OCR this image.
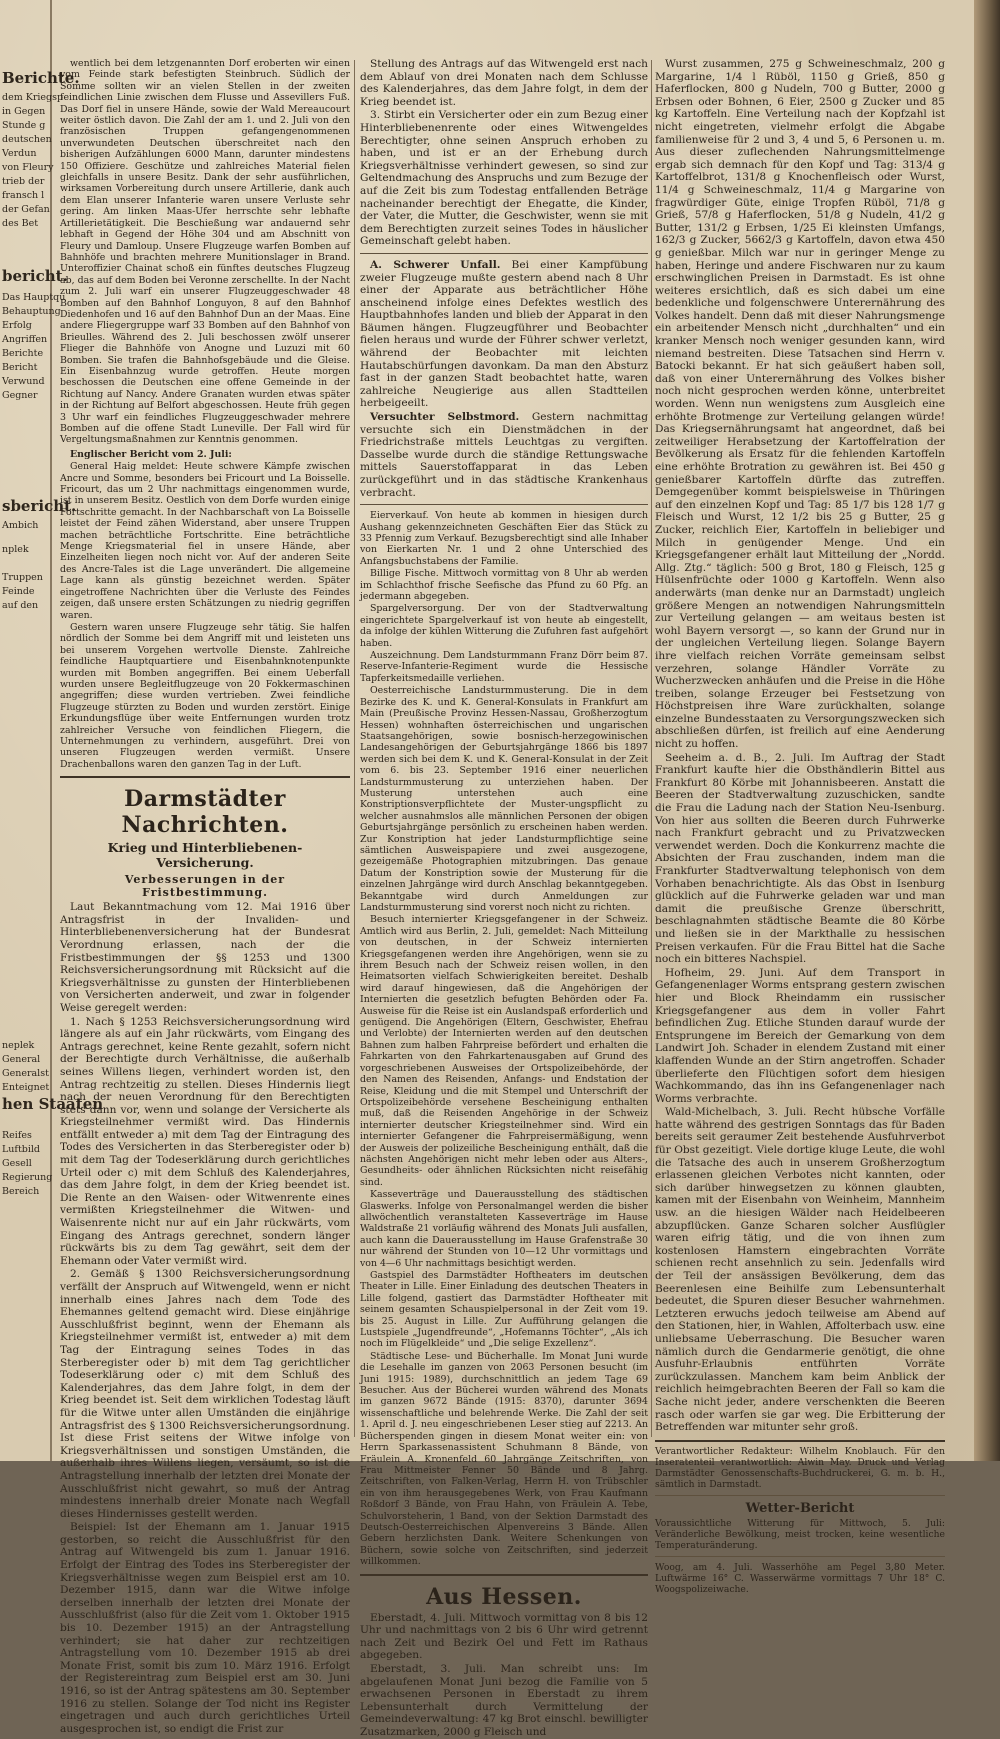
Berichte.
dem Kriegsp
in Gegen
Stunde g
deutschen
Verdun
von Fleury
trieb der
fransch l
der Gefan
des Bet
bericht.
Das Hauptqu
Behauptung
Erfolg
Angriffen
Berichte
Bericht
Verwund
Gegner
sbericht.
Ambich
nplek
Truppen
Feinde
auf den
neplek
General
Generalst
Enteignet
hen Staaten
Reifes
Luftbild
Gesell
Regierung
Bereich

wentlich bei dem letzgenannten Dorf eroberten wir einen vom Feinde stark befestigten Steinbruch. Südlich der Somme sollten wir an vielen Stellen in der zweiten feindlichen Linie zwischen dem Flusse und Assevillers Fuß. Das Dorf fiel in unsere Hände, sowie der Wald Mereaucourt weiter östlich davon. Die Zahl der am 1. und 2. Juli von den französischen Truppen gefangengenommenen unverwundeten Deutschen überschreitet nach den bisherigen Aufzählungen 6000 Mann, darunter mindestens 150 Offiziere. Geschütze und zahlreiches Material fielen gleichfalls in unsere Besitz. Dank der sehr ausführlichen, wirksamen Vorbereitung durch unsere Artillerie, dank auch dem Elan unserer Infanterie waren unsere Verluste sehr gering. Am linken Maas-Ufer herrschte sehr lebhafte Artillerietätigkeit. Die Beschießung war andauernd sehr lebhaft in Gegend der Höhe 304 und am Abschnitt von Fleury und Damloup. Unsere Flugzeuge warfen Bomben auf Bahnhöfe und brachten mehrere Munitionslager in Brand. Unteroffizier Chainat schoß ein fünftes deutsches Flugzeug ab, das auf dem Boden bei Veronne zerschellte. In der Nacht zum 2. Juli warf ein unserer Flugzeuggeschwader 48 Bomben auf den Bahnhof Longuyon, 8 auf den Bahnhof Diedenhofen und 16 auf den Bahnhof Dun an der Maas. Eine andere Fliegergruppe warf 33 Bomben auf den Bahnhof von Brieulles. Während des 2. Juli beschossen zwölf unserer Flieger die Bahnhöfe von Anogne und Luzuzi mit 60 Bomben. Sie trafen die Bahnhofsgebäude und die Gleise. Ein Eisenbahnzug wurde getroffen. Heute morgen beschossen die Deutschen eine offene Gemeinde in der Richtung auf Nancy. Andere Granaten wurden etwas später in der Richtung auf Belfort abgeschossen. Heute früh gegen 3 Uhr warf ein feindliches Flugzeuggeschwader mehrere Bomben auf die offene Stadt Luneville. Der Fall wird für Vergeltungsmaßnahmen zur Kenntnis genommen.

Englischer Bericht vom 2. Juli:

General Haig meldet: Heute schwere Kämpfe zwischen Ancre und Somme, besonders bei Fricourt und La Boisselle. Fricourt, das um 2 Uhr nachmittags eingenommen wurde, ist in unserem Besitz. Oestlich von dem Dorfe wurden einige Fortschritte gemacht. In der Nachbarschaft von La Boisselle leistet der Feind zähen Widerstand, aber unsere Truppen machen beträchtliche Fortschritte. Eine beträchtliche Menge Kriegsmaterial fiel in unsere Hände, aber Einzelheiten liegen noch nicht vor. Auf der anderen Seite des Ancre-Tales ist die Lage unverändert. Die allgemeine Lage kann als günstig bezeichnet werden. Später eingetroffene Nachrichten über die Verluste des Feindes zeigen, daß unsere ersten Schätzungen zu niedrig gegriffen waren.

Gestern waren unsere Flugzeuge sehr tätig. Sie halfen nördlich der Somme bei dem Angriff mit und leisteten uns bei unserem Vorgehen wertvolle Dienste. Zahlreiche feindliche Hauptquartiere und Eisenbahnknotenpunkte wurden mit Bomben angegriffen. Bei einem Ueberfall wurden unsere Begleitflugzeuge von 20 Fokkermaschinen angegriffen; diese wurden vertrieben. Zwei feindliche Flugzeuge stürzten zu Boden und wurden zerstört. Einige Erkundungsflüge über weite Entfernungen wurden trotz zahlreicher Versuche von feindlichen Fliegern, die Unternehmungen zu verhindern, ausgeführt. Drei von unseren Flugzeugen werden vermißt. Unsere Drachenballons waren den ganzen Tag in der Luft.

Darmstädter Nachrichten.
Krieg und Hinterbliebenen-Versicherung.
Verbesserungen in der Fristbestimmung.

Laut Bekanntmachung vom 12. Mai 1916 über Antragsfrist in der Invaliden- und Hinterbliebenenversicherung hat der Bundesrat Verordnung erlassen, nach der die Fristbestimmungen der §§ 1253 und 1300 Reichsversicherungsordnung mit Rücksicht auf die Kriegsverhältnisse zu gunsten der Hinterbliebenen von Versicherten anderweit, und zwar in folgender Weise geregelt werden:

1. Nach § 1253 Reichsversicherungsordnung wird längere als auf ein Jahr rückwärts, vom Eingang des Antrags gerechnet, keine Rente gezahlt, sofern nicht der Berechtigte durch Verhältnisse, die außerhalb seines Willens liegen, verhindert worden ist, den Antrag rechtzeitig zu stellen. Dieses Hindernis liegt nach der neuen Verordnung für den Berechtigten stets dann vor, wenn und solange der Versicherte als Kriegsteilnehmer vermißt wird. Das Hindernis entfällt entweder a) mit dem Tag der Eintragung des Todes des Versicherten in das Sterberegister oder b) mit dem Tag der Todeserklärung durch gerichtliches Urteil oder c) mit dem Schluß des Kalenderjahres, das dem Jahre folgt, in dem der Krieg beendet ist. Die Rente an den Waisen- oder Witwenrente eines vermißten Kriegsteilnehmer die Witwen- und Waisenrente nicht nur auf ein Jahr rückwärts, vom Eingang des Antrags gerechnet, sondern länger rückwärts bis zu dem Tag gewährt, seit dem der Ehemann oder Vater vermißt wird.

2. Gemäß § 1300 Reichsversicherungsordnung verfällt der Anspruch auf Witwengeld, wenn er nicht innerhalb eines Jahres nach dem Tode des Ehemannes geltend gemacht wird. Diese einjährige Ausschlußfrist beginnt, wenn der Ehemann als Kriegsteilnehmer vermißt ist, entweder a) mit dem Tag der Eintragung seines Todes in das Sterberegister oder b) mit dem Tag gerichtlicher Todeserklärung oder c) mit dem Schluß des Kalenderjahres, das dem Jahre folgt, in dem der Krieg beendet ist. Seit dem wirklichen Todestag läuft für die Witwe unter allen Umständen die einjährige Antragsfrist des § 1300 Reichsversicherungsordnung. Ist diese Frist seitens der Witwe infolge von Kriegsverhältnissen und sonstigen Umständen, die außerhalb ihres Willens liegen, versäumt, so ist die Antragstellung innerhalb der letzten drei Monate der Ausschlußfrist nicht gewahrt, so muß der Antrag mindestens innerhalb dreier Monate nach Wegfall dieses Hindernisses gestellt werden.

Beispiel: Ist der Ehemann am 1. Januar 1915 gestorben, so reicht die Ausschlußfrist für den Antrag auf Witwengeld bis zum 1. Januar 1916. Erfolgt der Eintrag des Todes ins Sterberegister der Kriegsverhältnisse wegen zum Beispiel erst am 10. Dezember 1915, dann war die Witwe infolge derselben innerhalb der letzten drei Monate der Ausschlußfrist (also für die Zeit vom 1. Oktober 1915 bis 10. Dezember 1915) an der Antragstellung verhindert; sie hat daher zur rechtzeitigen Antragstellung vom 10. Dezember 1915 ab drei Monate Frist, somit bis zum 10. März 1916. Erfolgt der Registereintrag zum Beispiel erst am 30. Juni 1916, so ist der Antrag spätestens am 30. September 1916 zu stellen. Solange der Tod nicht ins Register eingetragen und auch durch gerichtliches Urteil ausgesprochen ist, so endigt die Frist zur

Stellung des Antrags auf das Witwengeld erst nach dem Ablauf von drei Monaten nach dem Schlusse des Kalenderjahres, das dem Jahre folgt, in dem der Krieg beendet ist.

3. Stirbt ein Versicherter oder ein zum Bezug einer Hinterbliebenenrente oder eines Witwengeldes Berechtigter, ohne seinen Anspruch erhoben zu haben, und ist er an der Erhebung durch Kriegsverhältnisse verhindert gewesen, so sind zur Geltendmachung des Anspruchs und zum Bezuge der auf die Zeit bis zum Todestag entfallenden Beträge nacheinander berechtigt der Ehegatte, die Kinder, der Vater, die Mutter, die Geschwister, wenn sie mit dem Berechtigten zurzeit seines Todes in häuslicher Gemeinschaft gelebt haben.

A. Schwerer Unfall. Bei einer Kampfübung zweier Flugzeuge mußte gestern abend nach 8 Uhr einer der Apparate aus beträchtlicher Höhe anscheinend infolge eines Defektes westlich des Hauptbahnhofes landen und blieb der Apparat in den Bäumen hängen. Flugzeugführer und Beobachter fielen heraus und wurde der Führer schwer verletzt, während der Beobachter mit leichten Hautabschürfungen davonkam. Da man den Absturz fast in der ganzen Stadt beobachtet hatte, waren zahlreiche Neugierige aus allen Stadtteilen herbeigeeilt.

Versuchter Selbstmord. Gestern nachmittag versuchte sich ein Dienstmädchen in der Friedrichstraße mittels Leuchtgas zu vergiften. Dasselbe wurde durch die ständige Rettungswache mittels Sauerstoffapparat in das Leben zurückgeführt und in das städtische Krankenhaus verbracht.

Eierverkauf. Von heute ab kommen in hiesigen durch Aushang gekennzeichneten Geschäften Eier das Stück zu 33 Pfennig zum Verkauf. Bezugsberechtigt sind alle Inhaber von Eierkarten Nr. 1 und 2 ohne Unterschied des Anfangsbuchstabens der Familie.

Billige Fische. Mittwoch vormittag von 8 Uhr ab werden im Schlachthof frische Seefische das Pfund zu 60 Pfg. an jedermann abgegeben.

Spargelversorgung. Der von der Stadtverwaltung eingerichtete Spargelverkauf ist von heute ab eingestellt, da infolge der kühlen Witterung die Zufuhren fast aufgehört haben.

Auszeichnung. Dem Landsturmmann Franz Dörr beim 87. Reserve-Infanterie-Regiment wurde die Hessische Tapferkeitsmedaille verliehen.

Oesterreichische Landsturmmusterung. Die in dem Bezirke des K. und K. General-Konsulats in Frankfurt am Main (Preußische Provinz Hessen-Nassau, Großherzogtum Hessen) wohnhaften österreichischen und ungarischen Staatsangehörigen, sowie bosnisch-herzegowinischen Landesangehörigen der Geburtsjahrgänge 1866 bis 1897 werden sich bei dem K. und K. General-Konsulat in der Zeit vom 6. bis 23. September 1916 einer neuerlichen Landsturmmusterung zu unterziehen haben. Der Musterung unterstehen auch eine Konstriptionsverpflichtete der Muster-ungspflicht zu welcher ausnahmslos alle männlichen Personen der obigen Geburtsjahrgänge persönlich zu erscheinen haben werden. Zur Konstription hat jeder Landsturmpflichtige seine sämtlichen Ausweispapiere und zwei ausgezogene, gezeigemäße Photographien mitzubringen. Das genaue Datum der Konstription sowie der Musterung für die einzelnen Jahrgänge wird durch Anschlag bekanntgegeben. Bekanntgabe wird durch Anmeldungen zur Landsturmmusterung sind vorerst noch nicht zu richten.

Besuch internierter Kriegsgefangener in der Schweiz. Amtlich wird aus Berlin, 2. Juli, gemeldet: Nach Mitteilung von deutschen, in der Schweiz internierten Kriegsgefangenen werden ihre Angehörigen, wenn sie zu ihrem Besuch nach der Schweiz reisen wollen, in den Heimatsorten vielfach Schwierigkeiten bereitet. Deshalb wird darauf hingewiesen, daß die Angehörigen der Internierten die gesetzlich befugten Behörden oder Fa. Ausweise für die Reise ist ein Auslandspaß erforderlich und genügend. Die Angehörigen (Eltern, Geschwister, Ehefrau und Verlobte) der Internierten werden auf den deutschen Bahnen zum halben Fahrpreise befördert und erhalten die Fahrkarten von den Fahrkartenausgaben auf Grund des vorgeschriebenen Ausweises der Ortspolizeibehörde, der den Namen des Reisenden, Anfangs- und Endstation der Reise, Kleidung und die mit Stempel und Unterschrift der Ortspolizeibehörde versehene Bescheinigung enthalten muß, daß die Reisenden Angehörige in der Schweiz internierter deutscher Kriegsteilnehmer sind. Wird ein internierter Gefangener die Fahrpreisermäßigung, wenn der Ausweis der polizeiliche Bescheinigung enthält, daß die nächsten Angehörigen nicht mehr leben oder aus Alters-, Gesundheits- oder ähnlichen Rücksichten nicht reisefähig sind.

Kasseverträge und Dauerausstellung des städtischen Glaswerks. Infolge von Personalmangel werden die bisher allwöchentlich veranstalteten Kasseverträge im Hause Waldstraße 21 vorläufig während des Monats Juli ausfallen, auch kann die Dauerausstellung im Hause Grafenstraße 30 nur während der Stunden von 10—12 Uhr vormittags und von 4—6 Uhr nachmittags besichtigt werden.

Gastspiel des Darmstädter Hoftheaters im deutschen Theater in Lille. Einer Einladung des deutschen Theaters in Lille folgend, gastiert das Darmstädter Hoftheater mit seinem gesamten Schauspielpersonal in der Zeit vom 19. bis 25. August in Lille. Zur Aufführung gelangen die Lustspiele „Jugendfreunde“, „Hofemanns Töchter“, „Als ich noch im Flügelkleide“ und „Die selige Exzellenz“.

Städtische Lese- und Bücherhalle. Im Monat Juni wurde die Lesehalle im ganzen von 2063 Personen besucht (im Juni 1915: 1989), durchschnittlich an jedem Tage 69 Besucher. Aus der Bücherei wurden während des Monats im ganzen 9672 Bände (1915: 8370), darunter 3694 wissenschaftliche und belehrende Werke. Die Zahl der seit 1. April d. J. neu eingeschriebenen Leser stieg auf 2213. An Bücherspenden gingen in diesem Monat weiter ein: von Herrn Sparkassenassistent Schuhmann 8 Bände, von Fräulein A. Kronenfeld 60 Jahrgänge Zeitschriften, von Frau Mittmeister Fenner 50 Bände und 8 Jahrg. Zeitschriften, von Falken-Verlag, Herrn H. von Trübschler ein von ihm herausgegebenes Werk, von Frau Kaufmann Roßdorf 3 Bände, von Frau Hahn, von Fräulein A. Tebe, Schulvorsteherin, 1 Band, von der Sektion Darmstadt des Deutsch-Oesterreichischen Alpenvereins 3 Bände. Allen Gebern herzlichsten Dank. Weitere Schenkungen von Büchern, sowie solche von Zeitschriften, sind jederzeit willkommen.

Aus Hessen.

Eberstadt, 4. Juli. Mittwoch vormittag von 8 bis 12 Uhr und nachmittags von 2 bis 6 Uhr wird getrennt nach Zeit und Bezirk Oel und Fett im Rathaus abgegeben.

Eberstadt, 3. Juli. Man schreibt uns: Im abgelaufenen Monat Juni bezog die Familie von 5 erwachsenen Personen in Eberstadt zu ihrem Lebensunterhalt durch Vermittelung der Gemeindeverwaltung: 47 kg Brot einschl. bewilligter Zusatzmarken, 2000 g Fleisch und

Wurst zusammen, 275 g Schweineschmalz, 200 g Margarine, 1/4 l Rüböl, 1150 g Grieß, 850 g Haferflocken, 800 g Nudeln, 700 g Butter, 2000 g Erbsen oder Bohnen, 6 Eier, 2500 g Zucker und 85 kg Kartoffeln. Eine Verteilung nach der Kopfzahl ist nicht eingetreten, vielmehr erfolgt die Abgabe familienweise für 2 und 3, 4 und 5, 6 Personen u. m. Aus dieser zuflechenden Nahrungsmittelmenge ergab sich demnach für den Kopf und Tag: 313/4 g Kartoffelbrot, 131/8 g Knochenfleisch oder Wurst, 11/4 g Schweineschmalz, 11/4 g Margarine von fragwürdiger Güte, einige Tropfen Rüböl, 71/8 g Grieß, 57/8 g Haferflocken, 51/8 g Nudeln, 41/2 g Butter, 131/2 g Erbsen, 1/25 Ei kleinsten Umfangs, 162/3 g Zucker, 5662/3 g Kartoffeln, davon etwa 450 g genießbar. Milch war nur in geringer Menge zu haben, Heringe und andere Fischwaren nur zu kaum erschwinglichen Preisen in Darmstadt. Es ist ohne weiteres ersichtlich, daß es sich dabei um eine bedenkliche und folgenschwere Unterernährung des Volkes handelt. Denn daß mit dieser Nahrungsmenge ein arbeitender Mensch nicht „durchhalten“ und ein kranker Mensch noch weniger gesunden kann, wird niemand bestreiten. Diese Tatsachen sind Herrn v. Batocki bekannt. Er hat sich geäußert haben soll, daß von einer Unterernährung des Volkes bisher noch nicht gesprochen werden könne, unterbreitet worden. Wenn nun wenigstens zum Ausgleich eine erhöhte Brotmenge zur Verteilung gelangen würde! Das Kriegsernährungsamt hat angeordnet, daß bei zeitweiliger Herabsetzung der Kartoffelration der Bevölkerung als Ersatz für die fehlenden Kartoffeln eine erhöhte Brotration zu gewähren ist. Bei 450 g genießbarer Kartoffeln dürfte das zutreffen. Demgegenüber kommt beispielsweise in Thüringen auf den einzelnen Kopf und Tag: 85 1/7 bis 128 1/7 g Fleisch und Wurst, 12 1/2 bis 25 g Butter, 25 g Zucker, reichlich Eier, Kartoffeln in beliebiger und Milch in genügender Menge. Und ein Kriegsgefangener erhält laut Mitteilung der „Nordd. Allg. Ztg.“ täglich: 500 g Brot, 180 g Fleisch, 125 g Hülsenfrüchte oder 1000 g Kartoffeln. Wenn also anderwärts (man denke nur an Darmstadt) ungleich größere Mengen an notwendigen Nahrungsmitteln zur Verteilung gelangen — am weitaus besten ist wohl Bayern versorgt —, so kann der Grund nur in der ungleichen Verteilung liegen. Solange Bayern ihre vielfach reichen Vorräte gemeinsam selbst verzehren, solange Händler Vorräte zu Wucherzwecken anhäufen und die Preise in die Höhe treiben, solange Erzeuger bei Festsetzung von Höchstpreisen ihre Ware zurückhalten, solange einzelne Bundesstaaten zu Versorgungszwecken sich abschließen dürfen, ist freilich auf eine Aenderung nicht zu hoffen.

Seeheim a. d. B., 2. Juli. Im Auftrag der Stadt Frankfurt kaufte hier die Obsthändlerin Bittel aus Frankfurt 80 Körbe mit Johannisbeeren. Anstatt die Beeren der Stadtverwaltung zuzuschicken, sandte die Frau die Ladung nach der Station Neu-Isenburg. Von hier aus sollten die Beeren durch Fuhrwerke nach Frankfurt gebracht und zu Privatzwecken verwendet werden. Doch die Konkurrenz machte die Absichten der Frau zuschanden, indem man die Frankfurter Stadtverwaltung telephonisch von dem Vorhaben benachrichtigte. Als das Obst in Isenburg glücklich auf die Fuhrwerke geladen war und man damit die preußische Grenze überschritt, beschlagnahmten städtische Beamte die 80 Körbe und ließen sie in der Markthalle zu hessischen Preisen verkaufen. Für die Frau Bittel hat die Sache noch ein bitteres Nachspiel.

Hofheim, 29. Juni. Auf dem Transport in Gefangenenlager Worms entsprang gestern zwischen hier und Block Rheindamm ein russischer Kriegsgefangener aus dem in voller Fahrt befindlichen Zug. Etliche Stunden darauf wurde der Entsprungene im Bereich der Gemarkung von dem Landwirt Joh. Schader in elendem Zustand mit einer klaffenden Wunde an der Stirn angetroffen. Schader überlieferte den Flüchtigen sofort dem hiesigen Wachkommando, das ihn ins Gefangenenlager nach Worms verbrachte.

Wald-Michelbach, 3. Juli. Recht hübsche Vorfälle hatte während des gestrigen Sonntags das für Baden bereits seit geraumer Zeit bestehende Ausfuhrverbot für Obst gezeitigt. Viele dortige kluge Leute, die wohl die Tatsache des auch in unserem Großherzogtum erlassenen gleichen Verbotes nicht kannten, oder sich darüber hinwegsetzen zu können glaubten, kamen mit der Eisenbahn von Weinheim, Mannheim usw. an die hiesigen Wälder nach Heidelbeeren abzupflücken. Ganze Scharen solcher Ausflügler waren eifrig tätig, und die von ihnen zum kostenlosen Hamstern eingebrachten Vorräte schienen recht ansehnlich zu sein. Jedenfalls wird der Teil der ansässigen Bevölkerung, dem das Beerenlesen eine Beihilfe zum Lebensunterhalt bedeutet, die Spuren dieser Besucher wahrnehmen. Letzteren erwuchs jedoch teilweise am Abend auf den Stationen, hier, in Wahlen, Affolterbach usw. eine unliebsame Ueberraschung. Die Besucher waren nämlich durch die Gendarmerie genötigt, die ohne Ausfuhr-Erlaubnis entführten Vorräte zurückzulassen. Manchem kam beim Anblick der reichlich heimgebrachten Beeren der Fall so kam die Sache nicht jeder, andere verschenkten die Beeren rasch oder warfen sie gar weg. Die Erbitterung der Betreffenden war mitunter sehr groß.

Verantwortlicher Redakteur: Wilhelm Knoblauch. Für den Inseratenteil verantwortlich: Alwin May. Druck und Verlag Darmstädter Genossenschafts-Buchdruckerei, G. m. b. H., sämtlich in Darmstadt.

Wetter-Bericht

Voraussichtliche Witterung für Mittwoch, 5. Juli: Veränderliche Bewölkung, meist trocken, keine wesentliche Temperaturänderung.

Woog, am 4. Juli. Wasserhöhe am Pegel 3,80 Meter. Luftwärme 16° C. Wasserwärme vormittags 7 Uhr 18° C. Woogspolizeiwache.
